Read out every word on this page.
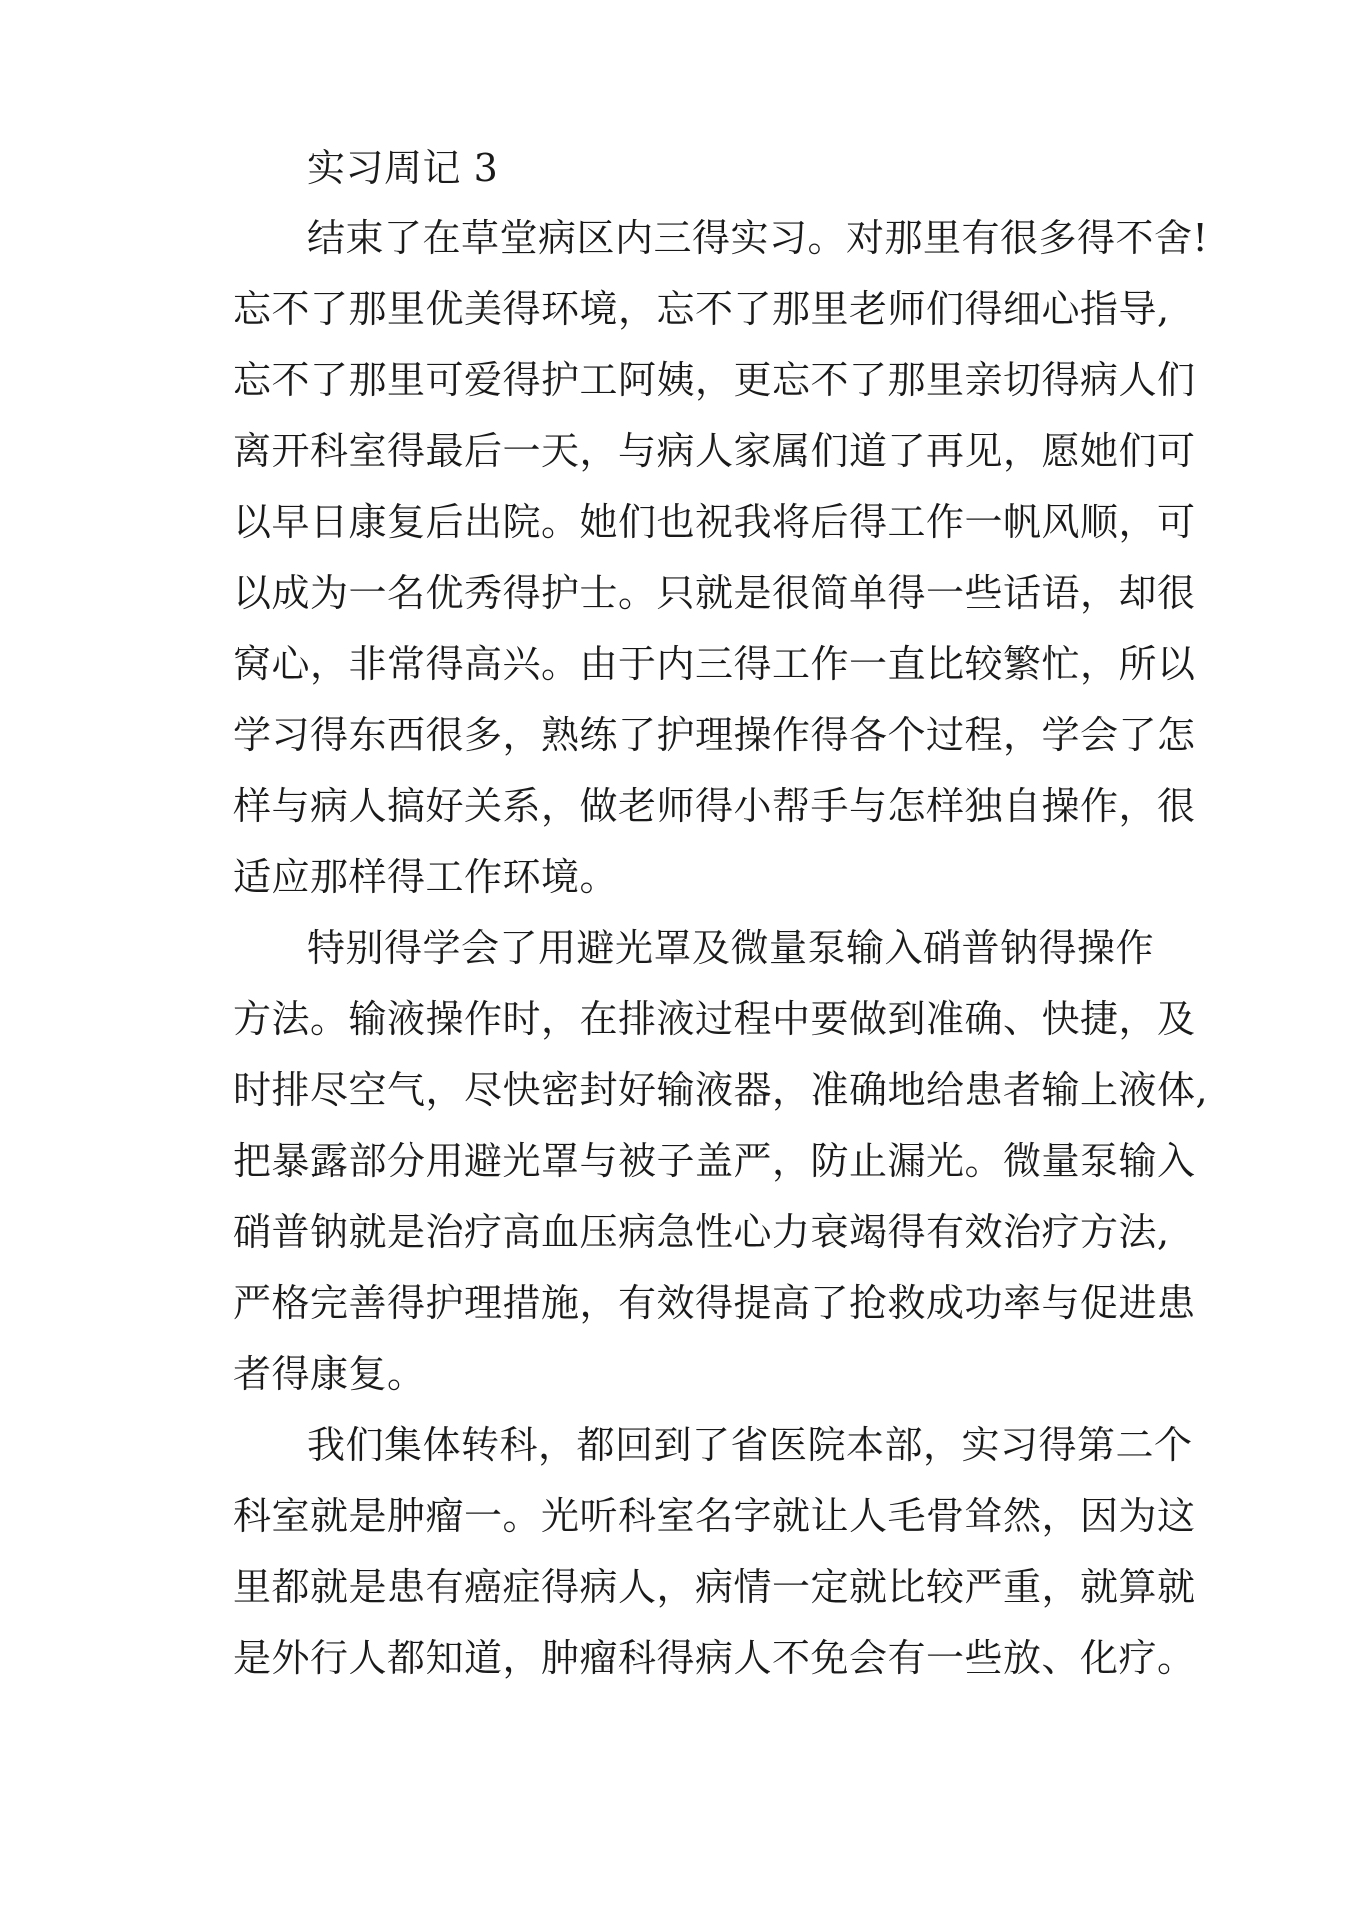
实习周记 3
结束了在草堂病区内三得实习。对那里有很多得不舍!
忘不了那里优美得环境，忘不了那里老师们得细心指导,
忘不了那里可爱得护工阿姨，更忘不了那里亲切得病人们
离开科室得最后一天，与病人家属们道了再见，愿她们可
以早日康复后出院。她们也祝我将后得工作一帆风顺，可
以成为一名优秀得护士。只就是很简单得一些话语，却很
窝心，非常得高兴。由于内三得工作一直比较繁忙，所以
学习得东西很多，熟练了护理操作得各个过程，学会了怎
样与病人搞好关系，做老师得小帮手与怎样独自操作，很
适应那样得工作环境。
特别得学会了用避光罩及微量泵输入硝普钠得操作
方法。输液操作时，在排液过程中要做到准确、快捷，及
时排尽空气，尽快密封好输液器，准确地给患者输上液体,
把暴露部分用避光罩与被子盖严，防止漏光。微量泵输入
硝普钠就是治疗高血压病急性心力衰竭得有效治疗方法,
严格完善得护理措施，有效得提高了抢救成功率与促进患
者得康复。
我们集体转科，都回到了省医院本部，实习得第二个
科室就是肿瘤一。光听科室名字就让人毛骨耸然，因为这
里都就是患有癌症得病人，病情一定就比较严重，就算就
是外行人都知道，肿瘤科得病人不免会有一些放、化疗。
